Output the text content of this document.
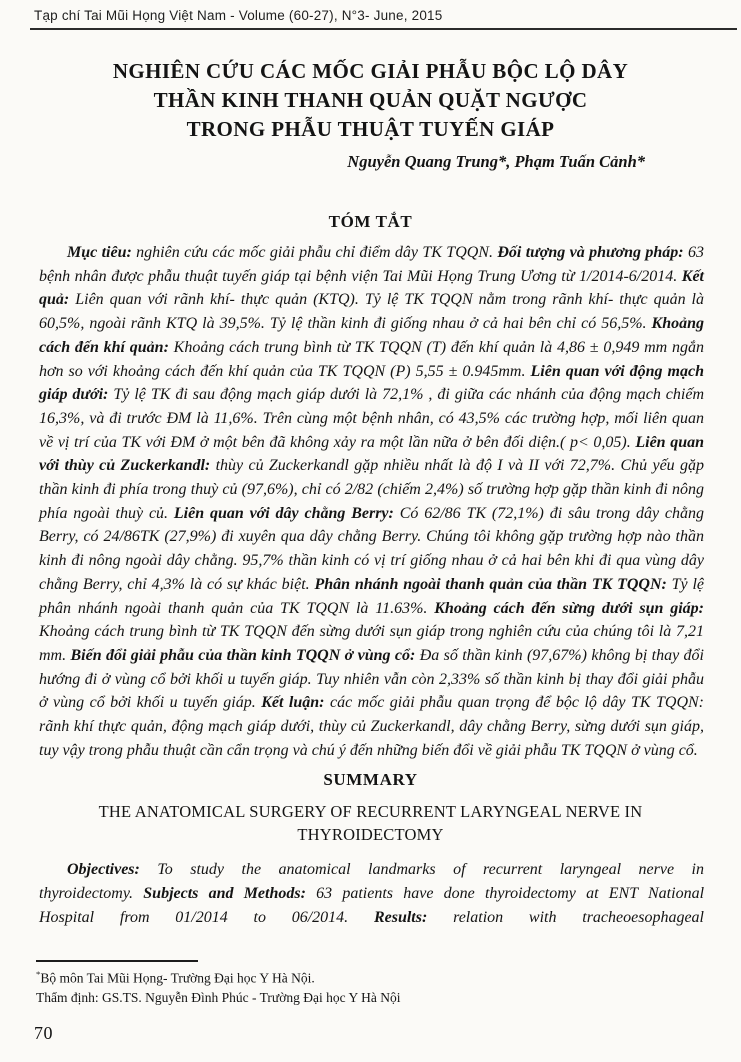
Tạp chí Tai Mũi Họng Việt Nam - Volume (60-27), N°3- June, 2015
NGHIÊN CỨU CÁC MỐC GIẢI PHẪU BỘC LỘ DÂY
THẦN KINH THANH QUẢN QUẶT NGƯỢC
TRONG PHẪU THUẬT TUYẾN GIÁP
Nguyễn Quang Trung*, Phạm Tuấn Cảnh*
TÓM TẮT

Mục tiêu: nghiên cứu các mốc giải phẫu chỉ điểm dây TK TQQN. Đối tượng và phương pháp: 63 bệnh nhân được phẫu thuật tuyến giáp tại bệnh viện Tai Mũi Họng Trung Ương từ 1/2014-6/2014. Kết quả: Liên quan với rãnh khí- thực quản (KTQ). Tỷ lệ TK TQQN nằm trong rãnh khí- thực quản là 60,5%, ngoài rãnh KTQ là 39,5%. Tỷ lệ thần kinh đi giống nhau ở cả hai bên chỉ có 56,5%. Khoảng cách đến khí quản: Khoảng cách trung bình từ TK TQQN (T) đến khí quản là 4,86 ± 0,949 mm ngắn hơn so với khoảng cách đến khí quản của TK TQQN (P) 5,55 ± 0.945mm. Liên quan với động mạch giáp dưới: Tỷ lệ TK đi sau động mạch giáp dưới là 72,1% , đi giữa các nhánh của động mạch chiếm 16,3%, và đi trước ĐM là 11,6%. Trên cùng một bệnh nhân, có 43,5% các trường hợp, mối liên quan về vị trí của TK với ĐM ở một bên đã không xảy ra một lần nữa ở bên đối diện.( p< 0,05). Liên quan với thùy củ Zuckerkandl: thùy củ Zuckerkandl gặp nhiều nhất là độ I và II với 72,7%. Chủ yếu gặp thần kinh đi phía trong thuỳ củ (97,6%), chỉ có 2/82 (chiếm 2,4%) số trường hợp gặp thần kinh đi nông phía ngoài thuỳ củ. Liên quan với dây chằng Berry: Có 62/86 TK (72,1%) đi sâu trong dây chằng Berry, có 24/86TK (27,9%) đi xuyên qua dây chằng Berry. Chúng tôi không gặp trường hợp nào thần kinh đi nông ngoài dây chằng. 95,7% thần kinh có vị trí giống nhau ở cả hai bên khi đi qua vùng dây chằng Berry, chỉ 4,3% là có sự khác biệt. Phân nhánh ngoài thanh quản của thần TK TQQN: Tỷ lệ phân nhánh ngoài thanh quản của TK TQQN là 11.63%. Khoảng cách đến sừng dưới sụn giáp: Khoảng cách trung bình từ TK TQQN đến sừng dưới sụn giáp trong nghiên cứu của chúng tôi là 7,21 mm. Biến đổi giải phẫu của thần kinh TQQN ở vùng cổ: Đa số thần kinh (97,67%) không bị thay đổi hướng đi ở vùng cổ bởi khối u tuyến giáp. Tuy nhiên vẫn còn 2,33% số thần kinh bị thay đổi giải phẫu ở vùng cổ bởi khối u tuyến giáp. Kết luận: các mốc giải phẫu quan trọng để bộc lộ dây TK TQQN: rãnh khí thực quản, động mạch giáp dưới, thùy củ Zuckerkandl, dây chằng Berry, sừng dưới sụn giáp, tuy vậy trong phẫu thuật cần cẩn trọng và chú ý đến những biến đổi về giải phẫu TK TQQN ở vùng cổ.

SUMMARY
THE ANATOMICAL SURGERY OF RECURRENT LARYNGEAL NERVE IN
THYROIDECTOMY

Objectives: To study the anatomical landmarks of recurrent laryngeal nerve in thyroidectomy. Subjects and Methods: 63 patients have done thyroidectomy at ENT National Hospital from 01/2014 to 06/2014. Results: relation with tracheoesophageal

*Bộ môn Tai Mũi Họng- Trường Đại học Y Hà Nội.
Thẩm định: GS.TS. Nguyễn Đình Phúc - Trường Đại học Y Hà Nội
70
